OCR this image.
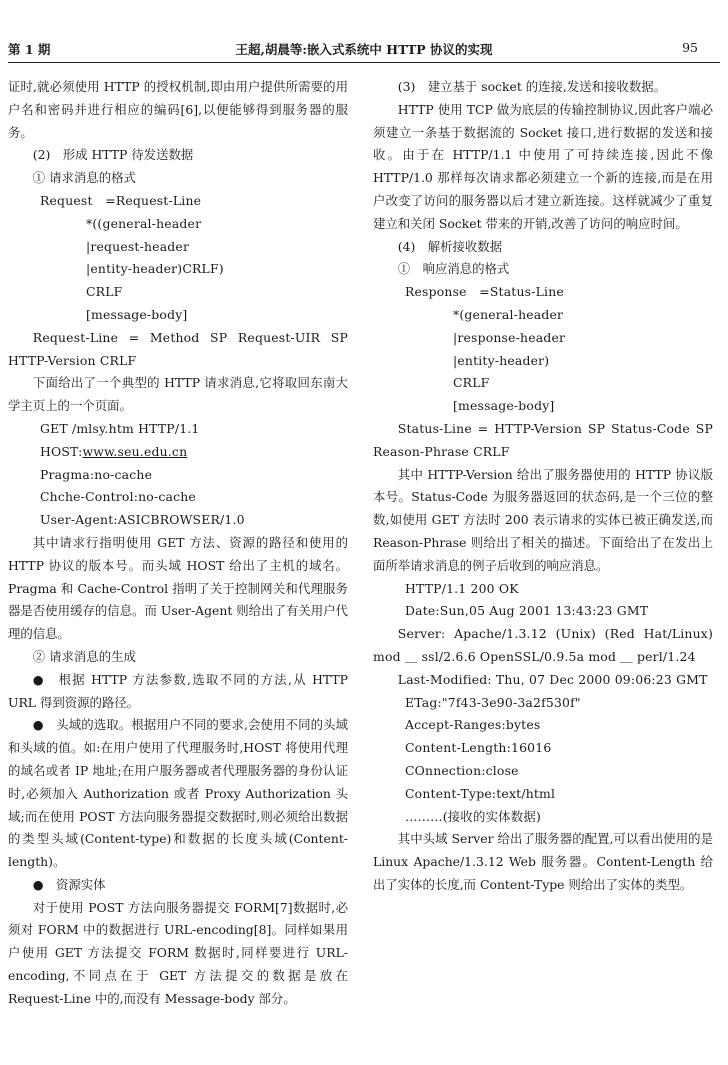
第 1 期	王超,胡晨等:嵌入式系统中 HTTP 协议的实现	95

证时,就必须使用 HTTP 的授权机制,即由用户提供所需要的用户名和密码并进行相应的编码[6],以便能够得到服务器的服务。

(2)　形成 HTTP 待发送数据

① 请求消息的格式

Request　=Request-Line

*((general-header

|request-header

|entity-header)CRLF)

CRLF

[message-body]

Request-Line = Method SP Request-UIR SP HTTP-Version CRLF

下面给出了一个典型的 HTTP 请求消息,它将取回东南大学主页上的一个页面。

GET /mlsy.htm HTTP/1.1

HOST:www.seu.edu.cn

Pragma:no-cache

Chche-Control:no-cache

User-Agent:ASICBROWSER/1.0

其中请求行指明使用 GET 方法、资源的路径和使用的 HTTP 协议的版本号。而头域 HOST 给出了主机的域名。Pragma 和 Cache-Control 指明了关于控制网关和代理服务器是否使用缓存的信息。而 User-Agent 则给出了有关用户代理的信息。

② 请求消息的生成

●　根据 HTTP 方法参数,选取不同的方法,从 HTTP URL 得到资源的路径。

●　头域的选取。根据用户不同的要求,会使用不同的头域和头域的值。如:在用户使用了代理服务时,HOST 将使用代理的域名或者 IP 地址;在用户服务器或者代理服务器的身份认证时,必须加入 Authorization 或者 Proxy Authorization 头域;而在使用 POST 方法向服务器提交数据时,则必须给出数据的类型头域(Content-type)和数据的长度头域(Content-length)。

●　资源实体

对于使用 POST 方法向服务器提交 FORM[7]数据时,必须对 FORM 中的数据进行 URL-encoding[8]。同样如果用户使用 GET 方法提交 FORM 数据时,同样要进行 URL-encoding,不同点在于 GET 方法提交的数据是放在 Request-Line 中的,而没有 Message-body 部分。

(3)　建立基于 socket 的连接,发送和接收数据。

HTTP 使用 TCP 做为底层的传输控制协议,因此客户端必须建立一条基于数据流的 Socket 接口,进行数据的发送和接收。由于在 HTTP/1.1 中使用了可持续连接,因此不像 HTTP/1.0 那样每次请求都必须建立一个新的连接,而是在用户改变了访问的服务器以后才建立新连接。这样就减少了重复建立和关闭 Socket 带来的开销,改善了访问的响应时间。

(4)　解析接收数据

①　响应消息的格式

Response　=Status-Line

*(general-header

|response-header

|entity-header)

CRLF

[message-body]

Status-Line = HTTP-Version SP Status-Code SP Reason-Phrase CRLF

其中 HTTP-Version 给出了服务器使用的 HTTP 协议版本号。Status-Code 为服务器返回的状态码,是一个三位的整数,如使用 GET 方法时 200 表示请求的实体已被正确发送,而 Reason-Phrase 则给出了相关的描述。下面给出了在发出上面所举请求消息的例子后收到的响应消息。

HTTP/1.1 200 OK

Date:Sun,05 Aug 2001 13:43:23 GMT

Server: Apache/1.3.12 (Unix) (Red Hat/Linux) mod ＿ ssl/2.6.6 OpenSSL/0.9.5a mod ＿ perl/1.24

Last-Modified: Thu, 07 Dec 2000 09:06:23 GMT

ETag:"7f43-3e90-3a2f530f"

Accept-Ranges:bytes

Content-Length:16016

COnnection:close

Content-Type:text/html

………(接收的实体数据)

其中头域 Server 给出了服务器的配置,可以看出使用的是 Linux Apache/1.3.12 Web 服务器。Content-Length 给出了实体的长度,而 Content-Type 则给出了实体的类型。
